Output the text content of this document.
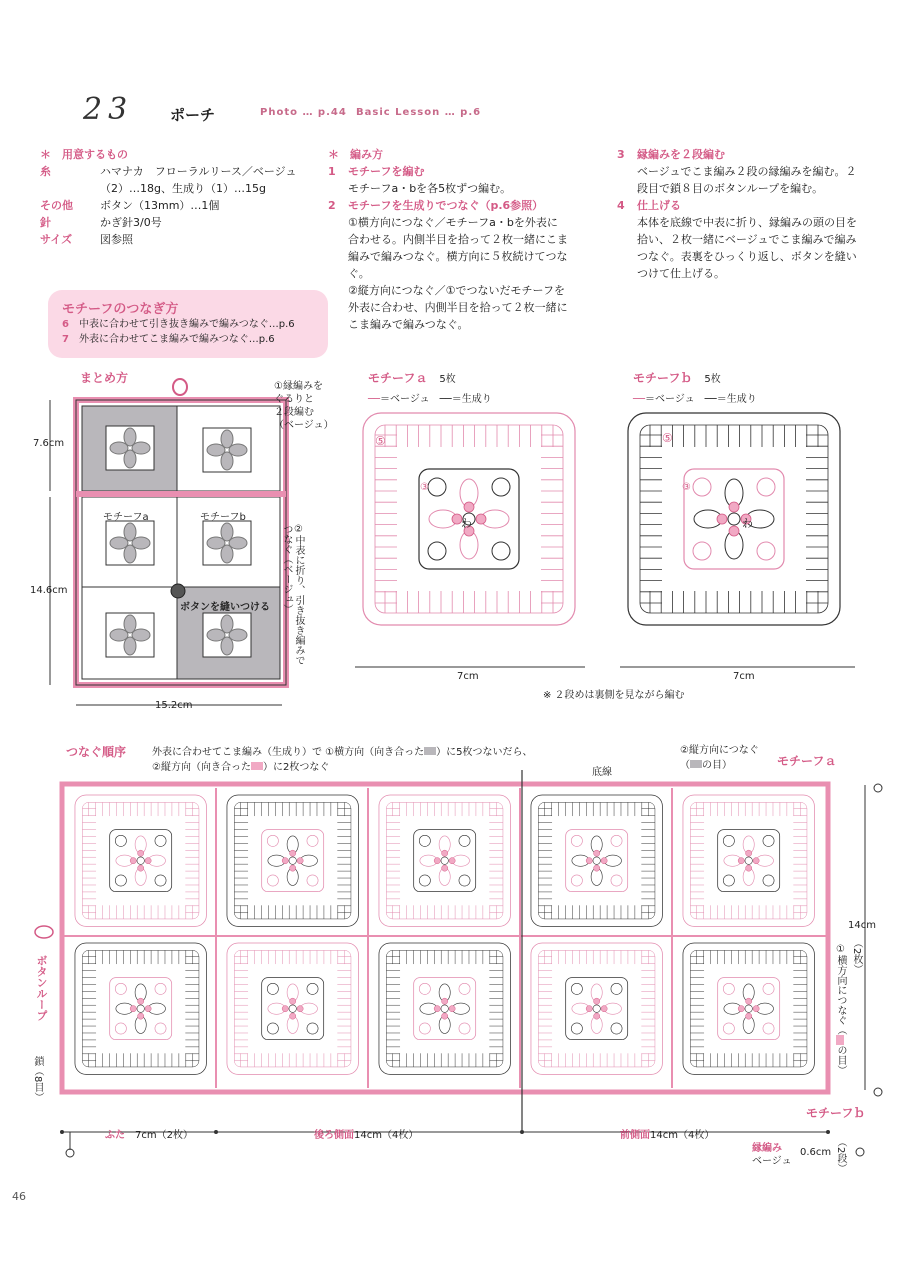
23 ポーチ	Photo … p.44 Basic Lesson … p.6
＊　用意するもの
糸	ハマナカ　フローラルリース／ベージュ
（2）…18g、生成り（1）…15g
その他	ボタン（13mm）…1個
針	かぎ針3/0号
サイズ	図参照
＊　編み方
1	モチーフを編む
モチーフa・bを各5枚ずつ編む。
2	モチーフを生成りでつなぐ（p.6参照）
①横方向につなぐ／モチーフa・bを外表に
合わせる。内側半目を拾って２枚一緒にこま
編みで編みつなぐ。横方向に５枚続けてつな
ぐ。
②縦方向につなぐ／①でつないだモチーフを
外表に合わせ、内側半目を拾って２枚一緒に
こま編みで編みつなぐ。
3	縁編みを２段編む
ベージュでこま編み２段の縁編みを編む。２
段目で鎖８目のボタンループを編む。
4	仕上げる
本体を底線で中表に折り、縁編みの頭の目を
拾い、２枚一緒にベージュでこま編みで編み
つなぐ。表裏をひっくり返し、ボタンを縫い
つけて仕上げる。
モチーフのつなぎ方
6　 中表に合わせて引き抜き編みで編みつなぐ…p.6
7　 外表に合わせてこま編みで編みつなぐ…p.6
まとめ方
7.6cm
14.6cm
15.2cm
モチーフa	モチーフb
ボタンを縫いつける
①縁編みを
ぐるりと
２段編む
（ベージュ）
②中表に折り、引き抜き編みでつなぐ（ベージュ）
モチーフａ　 5枚
──＝ベージュ　──＝生成り
⑤
③
わ
7cm
モチーフｂ　 5枚
──＝ベージュ　──＝生成り
⑤
③
わ
7cm
※ ２段めは裏側を見ながら編む
つなぐ順序	外表に合わせてこま編み（生成り）で ①横方向（向き合った ）に5枚つないだら、
②縦方向（向き合った ）に2枚つなぐ	底線
②縦方向につなぐ
（ の目）	モチーフａ
モチーフｂ
ボタンループ
鎖（8目）
14cm
（2枚）
①横方向につなぐ（の目）
ふた　 7cm（2枚）	後ろ側面14cm（4枚）	前側面14cm（4枚）
縁編み
ベージュ
0.6cm （2段）
46
